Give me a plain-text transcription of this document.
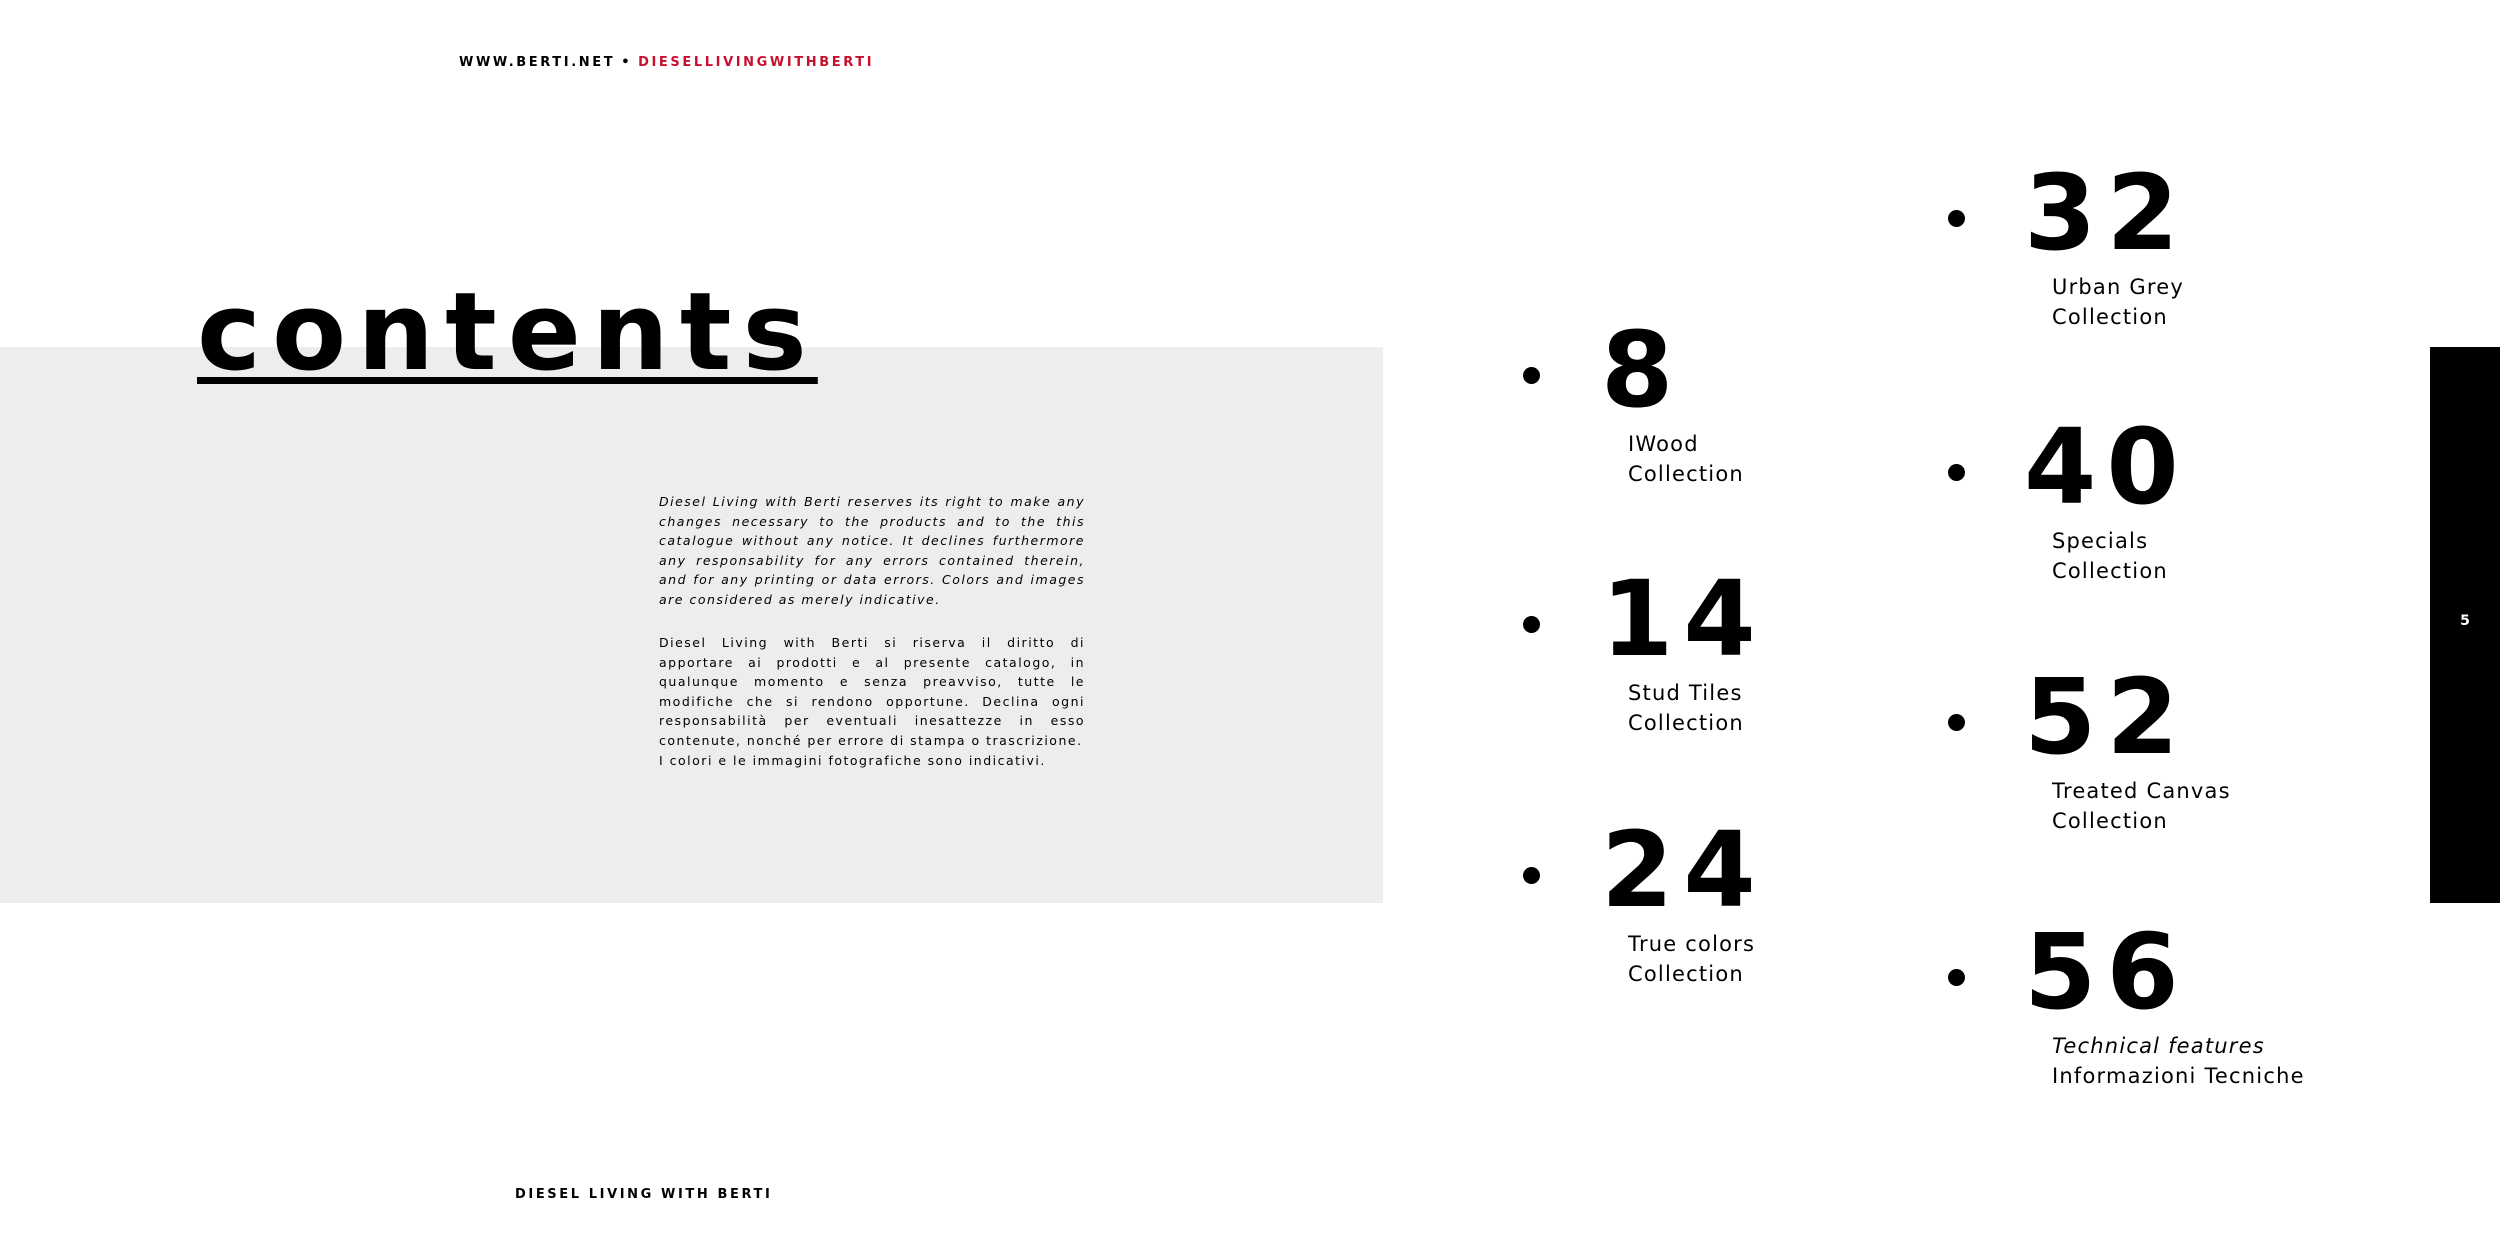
WWW.BERTI.NET • DIESELLIVINGWITHBERTI
contents

Diesel Living with Berti reserves its right to make any changes necessary to the products and to the this catalogue without any notice. It declines furthermore any responsability for any errors contained therein, and for any printing or data errors. Colors and images are considered as merely indicative.

Diesel Living with Berti si riserva il diritto di apportare ai prodotti e al presente catalogo, in qualunque momento e senza preavviso, tutte le modifiche che si rendono opportune. Declina ogni responsabilità per eventuali inesattezze in esso contenute, nonché per errore di stampa o trascrizione.
I colori e le immagini fotografiche sono indicativi.

8
IWood
Collection
14
Stud Tiles
Collection
24
True colors
Collection
32
Urban Grey
Collection
40
Specials
Collection
52
Treated Canvas
Collection
56
Technical features
Informazioni Tecniche
DIESEL LIVING WITH BERTI
5
